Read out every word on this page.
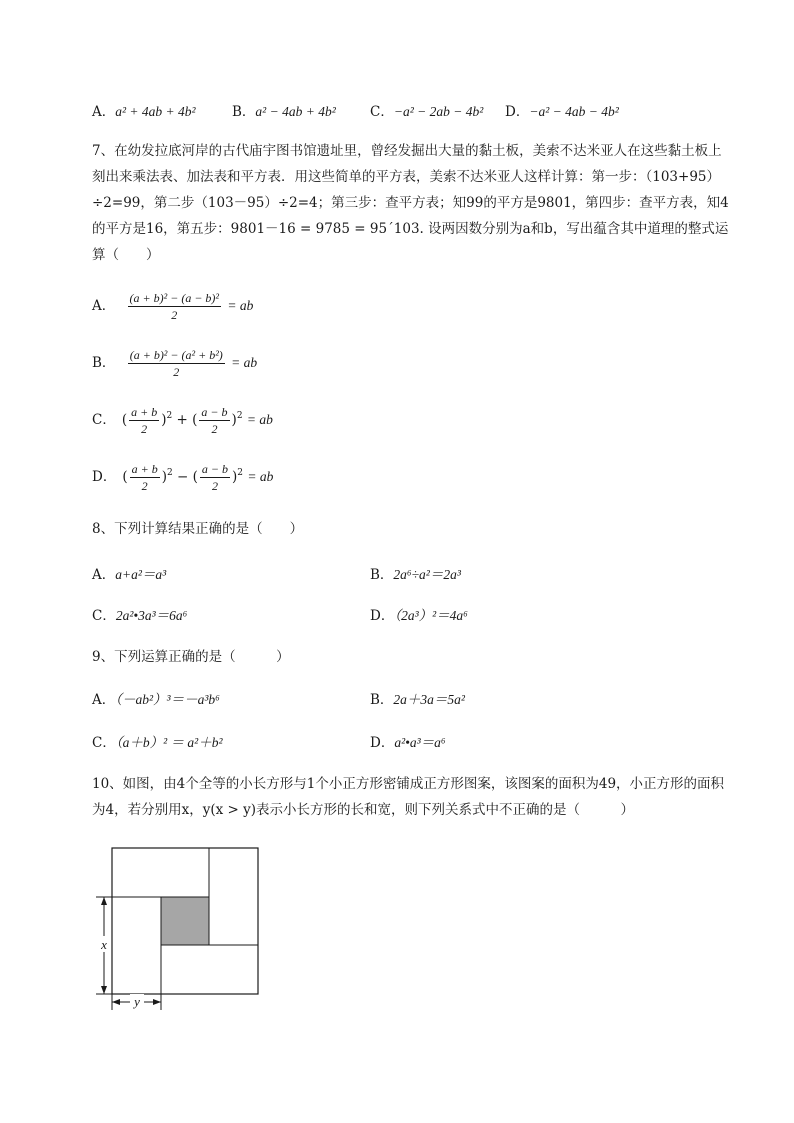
A．a² + 4ab + 4b²	B．a² − 4ab + 4b²	C．−a² − 2ab − 4b² D．−a² − 4ab − 4b²
7、在幼发拉底河岸的古代庙宇图书馆遗址里，曾经发掘出大量的黏土板，美索不达米亚人在这些黏土板上刻出来乘法表、加法表和平方表．用这些简单的平方表，美索不达米亚人这样计算：第一步：（103+95）÷2=99，第二步（103－95）÷2=4；第三步：查平方表；知99的平方是9801，第四步：查平方表，知4的平方是16，第五步：9801－16 = 9785 = 95´103. 设两因数分别为a和b，写出蕴含其中道理的整式运算（　　）
A． $\frac{\text{(a + b)² − (a − b)²}}{2}$ = ab
B． $\frac{\text{(a + b)² − (a² + b²)}}{2}$ = ab
C． ( $\frac{a + b}{2} )^2$ + ( $\frac{a - b}{2} )^2$ = ab
D． ( $\frac{a + b}{2} )^2$ − ( $\frac{a - b}{2} )^2$ = ab
8、下列计算结果正确的是（　　）
A．a+a²＝a³	B．2a⁶÷a²＝2a³
C．2a²•3a³＝6a⁶	D．（2a³）²＝4a⁶
9、下列运算正确的是（　　　）
A．（－ab²）³＝－a³b⁶	B．2a＋3a＝5a²
C．（a＋b）² ＝ a²＋b²	D．a²•a³＝a⁶
10、如图，由4个全等的小长方形与1个小正方形密铺成正方形图案，该图案的面积为49，小正方形的面积为4，若分别用x，y(x > y)表示小长方形的长和宽，则下列关系式中不正确的是（　　　）
x
y
